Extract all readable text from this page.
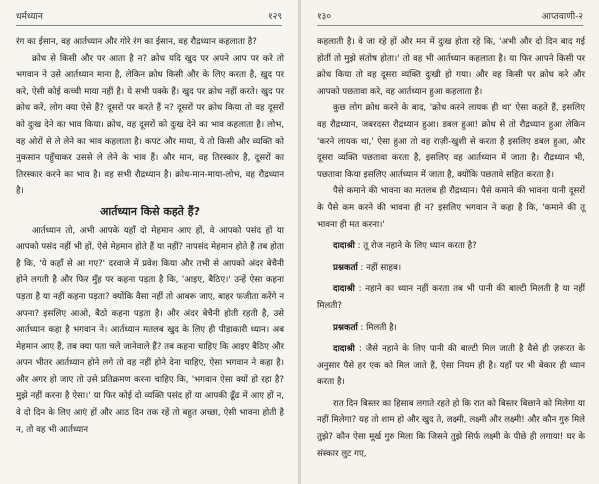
धर्मध्यान	१२९

रंग का ईसान, वह आर्तध्यान और गोरे रंग का ईसान, वह रौद्रध्यान कहलाता है?

क्रोध से किसी और पर आता है न? क्रोध यदि खुद पर अपने आप पर करे तो भगवान ने उसे आर्तध्यान माना है, लेकिन क्रोध किसी और के लिए करता है, खुद पर करे, ऐसी कोई कच्ची माया नहीं है। ये सभी पक्के हैं। खुद पर क्रोध नहीं करते। खुद पर क्रोध करें, लोग क्या ऐसे हैं? दूसरों पर करते हैं न? दूसरों पर क्रोध किया तो वह दूसरों को दुःख देने का भाव किया। क्रोध, वह दूसरों को दुःख देने का भाव कहलाता है। लोभ, वह ओरों से ले लेने का भाव कहलाता है। कपट और माया, ये तो किसी और व्यक्ति को नुकसान पहुँचाकर उससे ले लेने के भाव हैं। और मान, वह तिरस्कार है, दूसरों का तिरस्कार करने का भाव है। वह सभी रौद्रध्यान है। क्रोध-मान-माया-लोभ, वह रौद्रध्यान है।

आर्तध्यान किसे कहते हैं?

आर्तध्यान तो, अभी आपके यहाँ दो मेहमान आए हों, वे आपको पसंद हों या आपको पसंद नहीं भी हों, ऐसे मेहमान होते हैं या नहीं? नापसंद मेहमान होते हैं तब होता है कि, 'ये कहाँ से आ गए?' दरवाजे में प्रवेश किया और तभी से आपको अंदर बेचैनी होने लगती है और फिर मुँह पर कहना पड़ता है कि, 'आइए, बैठिए।' उन्हें ऐसा कहना पड़ता है या नहीं कहना पड़ता? क्योंकि वैसा नहीं तो आबरू जाए, बाहर फजीता करेंगे न अपना? इसलिए आओ, बैठो कहना पड़ता है। और अंदर बेचैनी होती रहती है, उसे आर्तध्यान कहा है भगवान ने। आर्तध्यान मतलब खुद के लिए ही पीड़ाकारी ध्यान। अब मेहमान आए हैं, तब क्या पता चले जानेवाले हैं? तब कहना चाहिए कि आइए बैठिए और अपन भीतर आर्तध्यान होने लगे तो वह नहीं होने देना चाहिए, ऐसा भगवान ने कहा है। और अगर हो जाए तो उसे प्रतिक्रमण करना चाहिए कि, 'भगवान ऐसा क्यों हो रहा है? मुझे नहीं करना है ऐसा।' या फिर कोई दो व्यक्ति पसंद हों या आपकी ढूँढ में आए हों न, वे दो दिन के लिए आएं हों और आठ दिन तक रहें तो बहुत अच्छा, ऐसी भावना होती है न, तो वह भी आर्तध्यान

१३०	आप्तवाणी-२

कहलाती है। वे जा रहे हों और मन में दुःख होता रहे कि, 'अभी और दो दिन बाद गई होतीं तो मुझे संतोष होता।' तो वह भी आर्तध्यान कहलाता है। या फिर आपने किसी पर क्रोध किया तो वह दूसरा व्यक्ति दुःखी हो गया। और वह किसी पर क्रोध करे और आपको पछतावा करे, वह आर्तध्यान हुआ कहलाता है।

कुछ लोग क्रोध करने के बाद, 'क्रोध करने लायक ही था' ऐसा कहते हैं, इसलिए वह रौद्रध्यान, जबरदस्त रौद्रध्यान हुआ। डबल हुआ! क्रोध से तो रौद्रध्यान हुआ लेकिन 'करने लायक था,' ऐसा हुआ तो वह राज़ी-खुशी से करता है इसलिए डबल हुआ, और दूसरा व्यक्ति पछतावा करता है, इसलिए वह आर्तध्यान में जाता है। रौद्रध्यान भी, पछतावा किया इसलिए आर्तध्यान में जाता है, क्योंकि पछतावे सहित करता है।

पैसे कमाने की भावना का मतलब ही रौद्रध्यान। पैसे कमाने की भावना यानी दूसरों के पैसे कम करने की भावना ही न? इसलिए भगवान ने कहा है कि, 'कमाने की तू भावना ही मत करना।'

दादाश्री : तू रोज नहाने के लिए ध्यान करता है?

प्रश्नकर्ता : नहीं साहब।

दादाश्री : नहाने का ध्यान नहीं करता तब भी पानी की बाल्टी मिलती है या नहीं मिलती?

प्रश्नकर्ता : मिलती है।

दादाश्री : जैसे नहाने के लिए पानी की बाल्टी मिल जाती है वैसे ही ज़रूरत के अनुसार पैसे हर एक को मिल जाते हैं, ऐसा नियम ही है। यहाँ पर भी बेकार ही ध्यान करता है।

रात दिन बिस्तर का हिसाब लगाते रहते हो कि रात को बिस्तर बिछाने को मिलेगा या नहीं मिलेगा? यह तो शाम हो और खुद ते, लक्ष्मी, लक्ष्मी और लक्ष्मी! और कौन गुरु मिले तुझे? कौन ऐसा मूर्ख गुरु मिला कि जिसने तुझे सिर्फ लक्ष्मी के पीछे ही लगाया! घर के संस्कार लुट गए,
